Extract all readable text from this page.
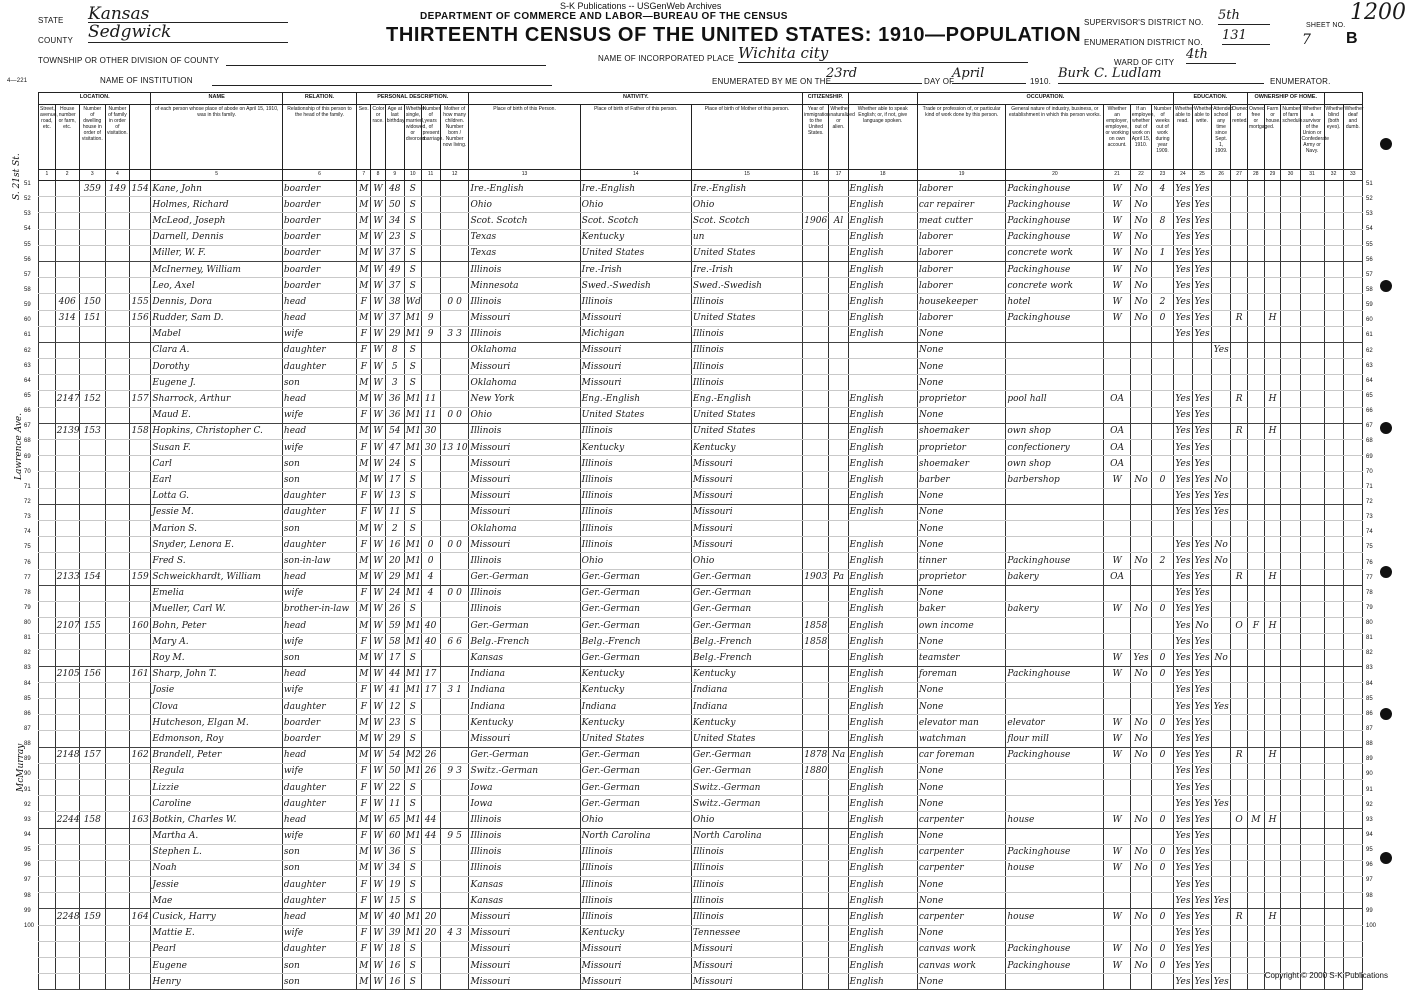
S-K Publications -- USGenWeb Archives
DEPARTMENT OF COMMERCE AND LABOR—BUREAU OF THE CENSUS
THIRTEENTH CENSUS OF THE UNITED STATES: 1910—POPULATION
1200
STATE Kansas
COUNTY Sedgwick
TOWNSHIP OR OTHER DIVISION OF COUNTY
NAME OF INSTITUTION
4—221
NAME OF INCORPORATED PLACE Wichita city
ENUMERATED BY ME ON THE
23rd
DAY OF
April
1910.
Burk C. Ludlam
ENUMERATOR.
SUPERVISOR'S DISTRICT NO. 5th
ENUMERATION DISTRICT NO. 131
WARD OF CITY
4th
SHEET NO.
7 B
S. 21st St.
Lawrence Ave.
McMurray
LOCATION.					NAME	RELATION.	PERSONAL DESCRIPTION.						NATIVITY.			CITIZENSHIP.			OCCUPATION.					EDUCATION.				OWNERSHIP OF HOME.					
Street, avenue, road, etc.	House number or farm, etc.	Number of dwelling house in order of visitation.	Number of family in order of visitation.		of each person whose place of abode on April 15, 1910, was in this family.	Relationship of this person to the head of the family.	Sex.	Color or race.	Age at last birthday.	Whether single, married, widowed, or divorced.	Number of years of present marriage.	Mother of how many children. Number born / Number now living.	Place of birth of this Person.	Place of birth of Father of this person.	Place of birth of Mother of this person.	Year of immigration to the United States.	Whether naturalized or alien.	Whether able to speak English; or, if not, give language spoken.	Trade or profession of, or particular kind of work done by this person.	General nature of industry, business, or establishment in which this person works.	Whether an employer, employee, or working on own account.	If an employee, whether out of work on April 15, 1910.	Number of weeks out of work during year 1909.	Whether able to read.	Whether able to write.	Attended school any time since Sept. 1, 1909.	Owned or rented.	Owned free or mortgaged.	Farm or house.	Number of farm schedule.	Whether a survivor of the Union or Confederate Army or Navy.	Whether blind (both eyes).	Whether deaf and dumb.
1	2	3	4		5	6	7	8	9	10	11	12	13	14	15	16	17	18	19	20	21	22	23	24	25	26	27	28	29	30	31	32	33
		359	149	154	Kane, John	boarder	M	W	48	S			Ire.-English	Ire.-English	Ire.-English			English	laborer	Packinghouse	W	No	4	Yes	Yes								
					Holmes, Richard	boarder	M	W	50	S			Ohio	Ohio	Ohio			English	car repairer	Packinghouse	W	No		Yes	Yes								
					McLeod, Joseph	boarder	M	W	34	S			Scot. Scotch	Scot. Scotch	Scot. Scotch	1906	Al	English	meat cutter	Packinghouse	W	No	8	Yes	Yes								
					Darnell, Dennis	boarder	M	W	23	S			Texas	Kentucky	un			English	laborer	Packinghouse	W	No		Yes	Yes								
					Miller, W. F.	boarder	M	W	37	S			Texas	United States	United States			English	laborer	concrete work	W	No	1	Yes	Yes								
					McInerney, William	boarder	M	W	49	S			Illinois	Ire.-Irish	Ire.-Irish			English	laborer	Packinghouse	W	No		Yes	Yes								
					Leo, Axel	boarder	M	W	37	S			Minnesota	Swed.-Swedish	Swed.-Swedish			English	laborer	concrete work	W	No		Yes	Yes								
	406	150		155	Dennis, Dora	head	F	W	38	Wd		0 0	Illinois	Illinois	Illinois			English	housekeeper	hotel	W	No	2	Yes	Yes								
	314	151		156	Rudder, Sam D.	head	M	W	37	M1	9		Missouri	Missouri	United States			English	laborer	Packinghouse	W	No	0	Yes	Yes		R		H				
					Mabel	wife	F	W	29	M1	9	3 3	Illinois	Michigan	Illinois			English	None					Yes	Yes								
					Clara A.	daughter	F	W	8	S			Oklahoma	Missouri	Illinois				None							Yes							
					Dorothy	daughter	F	W	5	S			Missouri	Missouri	Illinois				None														
					Eugene J.	son	M	W	3	S			Oklahoma	Missouri	Illinois				None														
	2147	152		157	Sharrock, Arthur	head	M	W	36	M1	11		New York	Eng.-English	Eng.-English			English	proprietor	pool hall	OA			Yes	Yes		R		H				
					Maud E.	wife	F	W	36	M1	11	0 0	Ohio	United States	United States			English	None					Yes	Yes								
	2139	153		158	Hopkins, Christopher C.	head	M	W	54	M1	30		Illinois	Illinois	United States			English	shoemaker	own shop	OA			Yes	Yes		R		H				
					Susan F.	wife	F	W	47	M1	30	13 10	Missouri	Kentucky	Kentucky			English	proprietor	confectionery	OA			Yes	Yes								
					Carl	son	M	W	24	S			Missouri	Illinois	Missouri			English	shoemaker	own shop	OA			Yes	Yes								
					Earl	son	M	W	17	S			Missouri	Illinois	Missouri			English	barber	barbershop	W	No	0	Yes	Yes	No							
					Lotta G.	daughter	F	W	13	S			Missouri	Illinois	Missouri			English	None					Yes	Yes	Yes							
					Jessie M.	daughter	F	W	11	S			Missouri	Illinois	Missouri			English	None					Yes	Yes	Yes							
					Marion S.	son	M	W	2	S			Oklahoma	Illinois	Missouri				None														
					Snyder, Lenora E.	daughter	F	W	16	M1	0	0 0	Missouri	Illinois	Missouri			English	None					Yes	Yes	No							
					Fred S.	son-in-law	M	W	20	M1	0		Illinois	Ohio	Ohio			English	tinner	Packinghouse	W	No	2	Yes	Yes	No							
	2133	154		159	Schweickhardt, William	head	M	W	29	M1	4		Ger.-German	Ger.-German	Ger.-German	1903	Pa	English	proprietor	bakery	OA			Yes	Yes		R		H				
					Emelia	wife	F	W	24	M1	4	0 0	Illinois	Ger.-German	Ger.-German			English	None					Yes	Yes								
					Mueller, Carl W.	brother-in-law	M	W	26	S			Illinois	Ger.-German	Ger.-German			English	baker	bakery	W	No	0	Yes	Yes								
	2107	155		160	Bohn, Peter	head	M	W	59	M1	40		Ger.-German	Ger.-German	Ger.-German	1858		English	own income					Yes	No		O	F	H				
					Mary A.	wife	F	W	58	M1	40	6 6	Belg.-French	Belg.-French	Belg.-French	1858		English	None					Yes	Yes								
					Roy M.	son	M	W	17	S			Kansas	Ger.-German	Belg.-French			English	teamster		W	Yes	0	Yes	Yes	No							
	2105	156		161	Sharp, John T.	head	M	W	44	M1	17		Indiana	Kentucky	Kentucky			English	foreman	Packinghouse	W	No	0	Yes	Yes								
					Josie	wife	F	W	41	M1	17	3 1	Indiana	Kentucky	Indiana			English	None					Yes	Yes								
					Clova	daughter	F	W	12	S			Indiana	Indiana	Indiana			English	None					Yes	Yes	Yes							
					Hutcheson, Elgan M.	boarder	M	W	23	S			Kentucky	Kentucky	Kentucky			English	elevator man	elevator	W	No	0	Yes	Yes								
					Edmonson, Roy	boarder	M	W	29	S			Missouri	United States	United States			English	watchman	flour mill	W	No		Yes	Yes								
	2148	157		162	Brandell, Peter	head	M	W	54	M2	26		Ger.-German	Ger.-German	Ger.-German	1878	Na	English	car foreman	Packinghouse	W	No	0	Yes	Yes		R		H				
					Regula	wife	F	W	50	M1	26	9 3	Switz.-German	Ger.-German	Ger.-German	1880		English	None					Yes	Yes								
					Lizzie	daughter	F	W	22	S			Iowa	Ger.-German	Switz.-German			English	None					Yes	Yes								
					Caroline	daughter	F	W	11	S			Iowa	Ger.-German	Switz.-German			English	None					Yes	Yes	Yes							
	2244	158		163	Botkin, Charles W.	head	M	W	65	M1	44		Illinois	Ohio	Ohio			English	carpenter	house	W	No	0	Yes	Yes		O	M	H				
					Martha A.	wife	F	W	60	M1	44	9 5	Illinois	North Carolina	North Carolina			English	None					Yes	Yes								
					Stephen L.	son	M	W	36	S			Illinois	Illinois	Illinois			English	carpenter	Packinghouse	W	No	0	Yes	Yes								
					Noah	son	M	W	34	S			Illinois	Illinois	Illinois			English	carpenter	house	W	No	0	Yes	Yes								
					Jessie	daughter	F	W	19	S			Kansas	Illinois	Illinois			English	None					Yes	Yes								
					Mae	daughter	F	W	15	S			Kansas	Illinois	Illinois			English	None					Yes	Yes	Yes							
	2248	159		164	Cusick, Harry	head	M	W	40	M1	20		Missouri	Illinois	Illinois			English	carpenter	house	W	No	0	Yes	Yes		R		H				
					Mattie E.	wife	F	W	39	M1	20	4 3	Missouri	Kentucky	Tennessee			English	None					Yes	Yes								
					Pearl	daughter	F	W	18	S			Missouri	Missouri	Missouri			English	canvas work	Packinghouse	W	No	0	Yes	Yes								
					Eugene	son	M	W	16	S			Missouri	Missouri	Missouri			English	canvas work	Packinghouse	W	No	0	Yes	Yes								
					Henry	son	M	W	16	S			Missouri	Missouri	Missouri			English	None					Yes	Yes	Yes							
Copyright © 2000 S-K Publications
51	51
52	52
53	53
54	54
55	55
56	56
57	57
58	58
59	59
60	60
61	61
62	62
63	63
64	64
65	65
66	66
67	67
68	68
69	69
70	70
71	71
72	72
73	73
74	74
75	75
76	76
77	77
78	78
79	79
80	80
81	81
82	82
83	83
84	84
85	85
86	86
87	87
88	88
89	89
90	90
91	91
92	92
93	93
94	94
95	95
96	96
97	97
98	98
99	99
100	100
